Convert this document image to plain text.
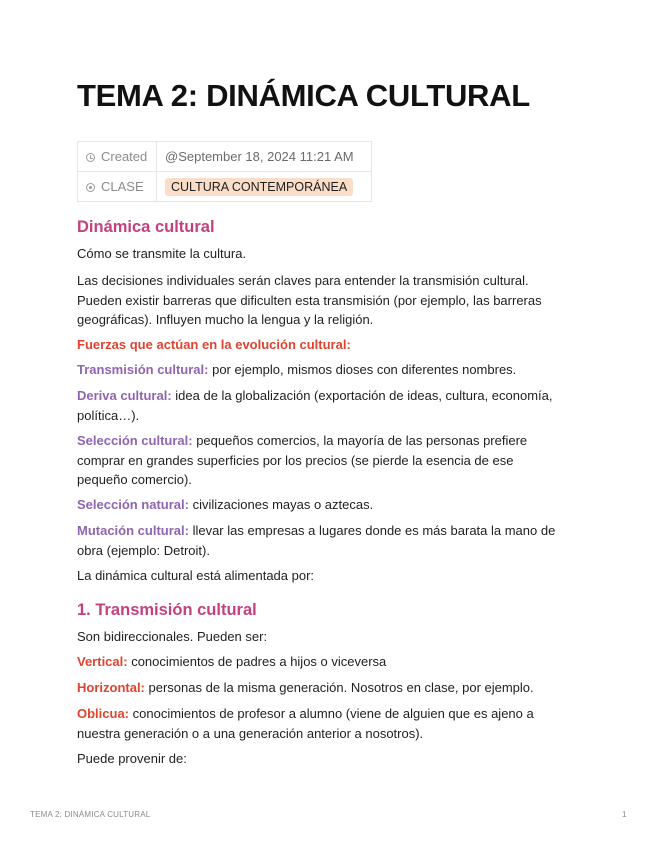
TEMA 2: DINÁMICA CULTURAL
Created	@September 18, 2024 11:21 AM
CLASE	CULTURA CONTEMPORÁNEA
Dinámica cultural
Cómo se transmite la cultura.
Las decisiones individuales serán claves para entender la transmisión cultural.
Pueden existir barreras que dificulten esta transmisión (por ejemplo, las barreras
geográficas). Influyen mucho la lengua y la religión.
Fuerzas que actúan en la evolución cultural:
Transmisión cultural: por ejemplo, mismos dioses con diferentes nombres.
Deriva cultural: idea de la globalización (exportación de ideas, cultura, economía,
política…).
Selección cultural: pequeños comercios, la mayoría de las personas prefiere
comprar en grandes superficies por los precios (se pierde la esencia de ese
pequeño comercio).
Selección natural: civilizaciones mayas o aztecas.
Mutación cultural: llevar las empresas a lugares donde es más barata la mano de
obra (ejemplo: Detroit).
La dinámica cultural está alimentada por:
1. Transmisión cultural
Son bidireccionales. Pueden ser:
Vertical: conocimientos de padres a hijos o viceversa
Horizontal: personas de la misma generación. Nosotros en clase, por ejemplo.
Oblicua: conocimientos de profesor a alumno (viene de alguien que es ajeno a
nuestra generación o a una generación anterior a nosotros).
Puede provenir de:
TEMA 2: DINÁMICA CULTURAL	1
